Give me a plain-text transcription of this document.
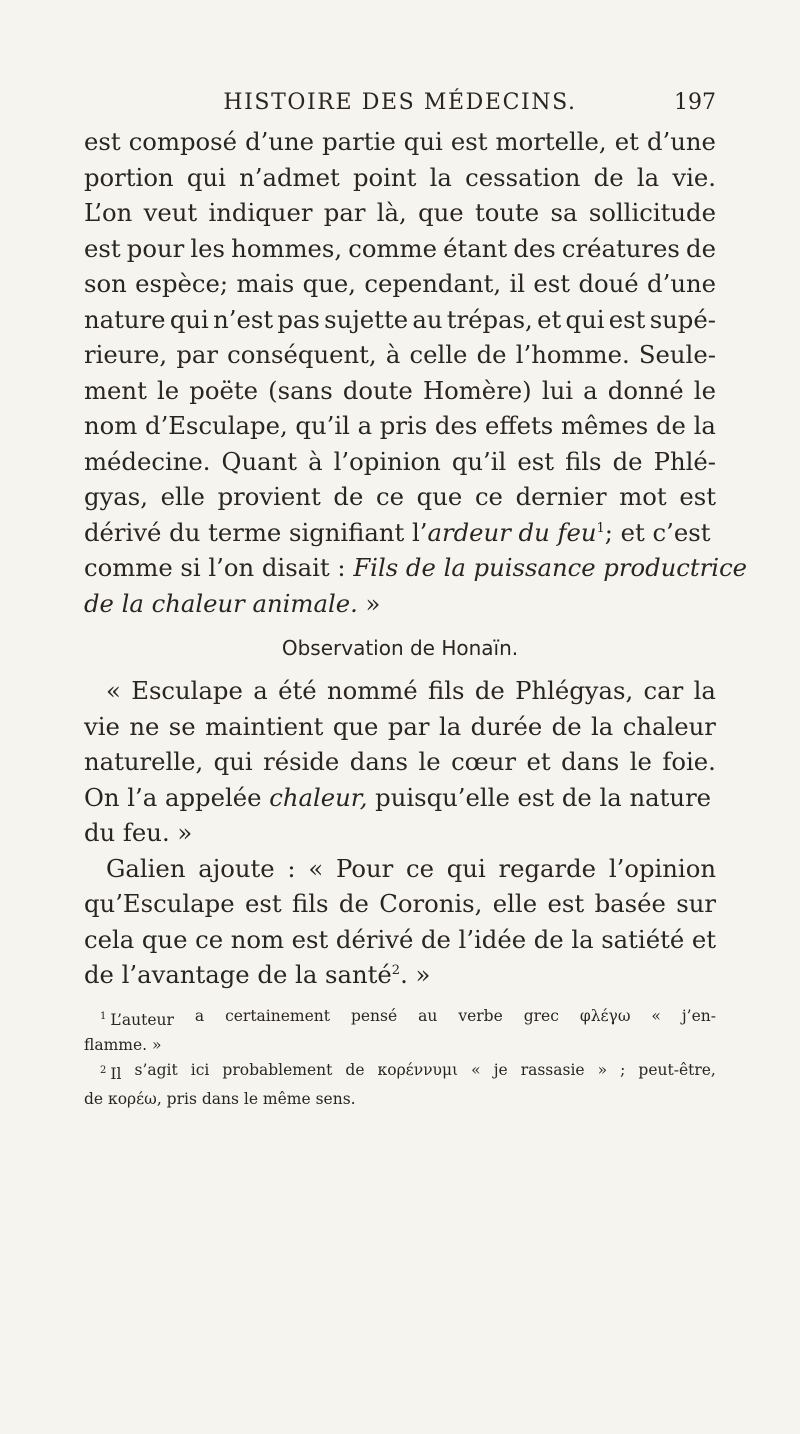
HISTOIRE DES MÉDECINS.	197
est composé d’une partie qui est mortelle, et d’une
portion qui n’admet point la cessation de la vie.
L’on veut indiquer par là, que toute sa sollicitude
est pour les hommes, comme étant des créatures de
son espèce; mais que, cependant, il est doué d’une
nature qui n’est pas sujette au trépas, et qui est supé-
rieure, par conséquent, à celle de l’homme. Seule-
ment le poëte (sans doute Homère) lui a donné le
nom d’Esculape, qu’il a pris des effets mêmes de la
médecine. Quant à l’opinion qu’il est fils de Phlé-
gyas, elle provient de ce que ce dernier mot est
dérivé du terme signifiant l’ardeur du feu$^1$; et c’est
comme si l’on disait : Fils de la puissance productrice
de la chaleur animale. »
Observation de Honaïn.
« Esculape a été nommé fils de Phlégyas, car la
vie ne se maintient que par la durée de la chaleur
naturelle, qui réside dans le cœur et dans le foie.
On l’a appelée chaleur, puisqu’elle est de la nature
du feu. »
Galien ajoute : « Pour ce qui regarde l’opinion
qu’Esculape est fils de Coronis, elle est basée sur
cela que ce nom est dérivé de l’idée de la satiété et
de l’avantage de la santé$^2$. »
$^1$ L’auteur a certainement pensé au verbe grec φλέγω « j’en-
flamme. »
$^2$ Il s’agit ici probablement de κορέννυμι « je rassasie » ; peut-être,
de κορέω, pris dans le même sens.
